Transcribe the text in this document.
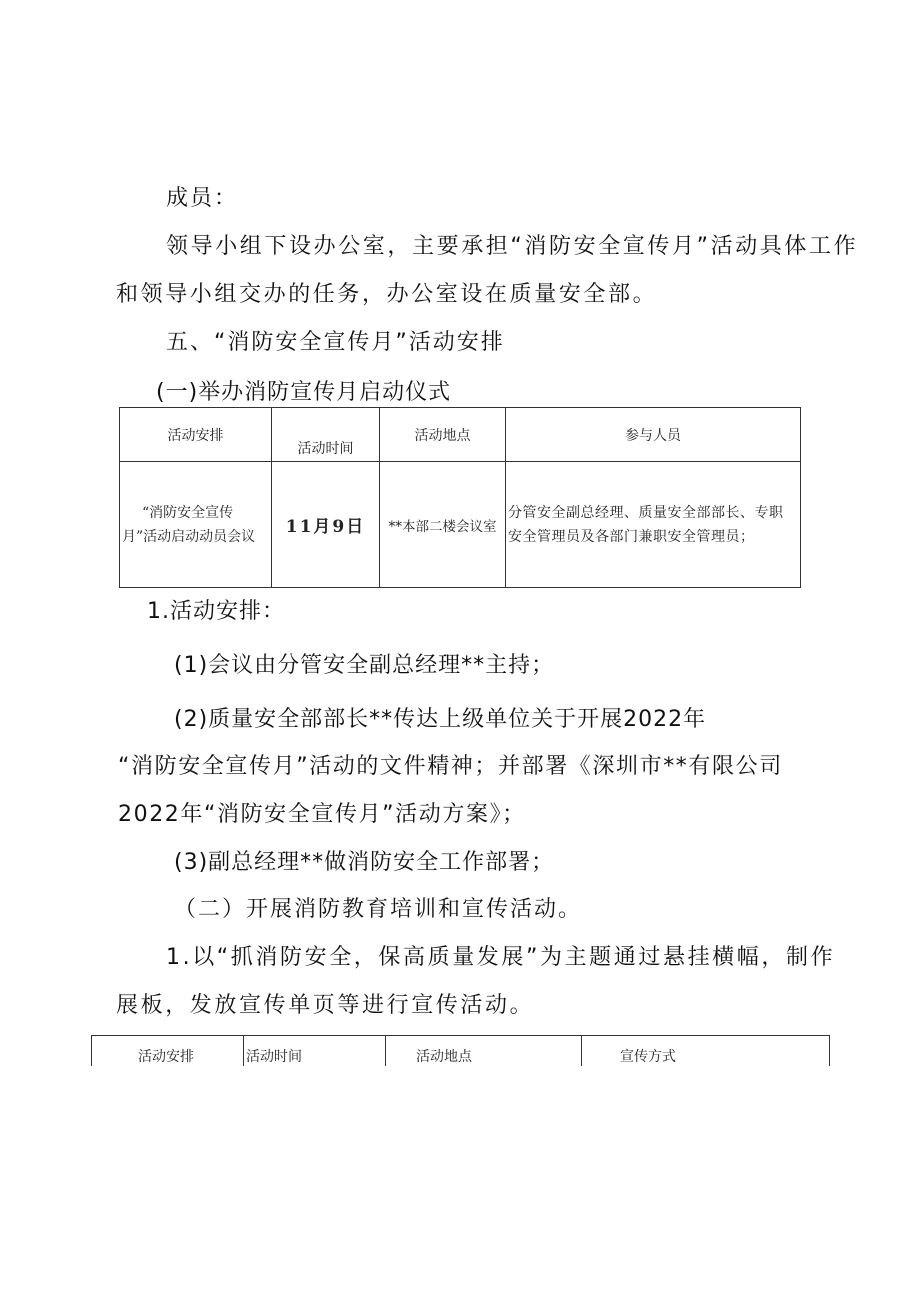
成员：
领导小组下设办公室，主要承担“消防安全宣传月”活动具体工作
和领导小组交办的任务，办公室设在质量安全部。
五、“消防安全宣传月”活动安排
(一)举办消防宣传月启动仪式
活动安排	活动时间	活动地点	参与人员

“消防安全宣传月”活动启动动员会议	11月9日	**本部二楼会议室	分管安全副总经理、质量安全部部长、专职安全管理员及各部门兼职安全管理员；
1.活动安排：
(1)会议由分管安全副总经理**主持；
(2)质量安全部部长**传达上级单位关于开展2022年
“消防安全宣传月”活动的文件精神；并部署《深圳市**有限公司
2022年“消防安全宣传月”活动方案》；
(3)副总经理**做消防安全工作部署；
（二）开展消防教育培训和宣传活动。
1.以“抓消防安全，保高质量发展”为主题通过悬挂横幅，制作
展板，发放宣传单页等进行宣传活动。
活动安排	活动时间	活动地点	宣传方式
